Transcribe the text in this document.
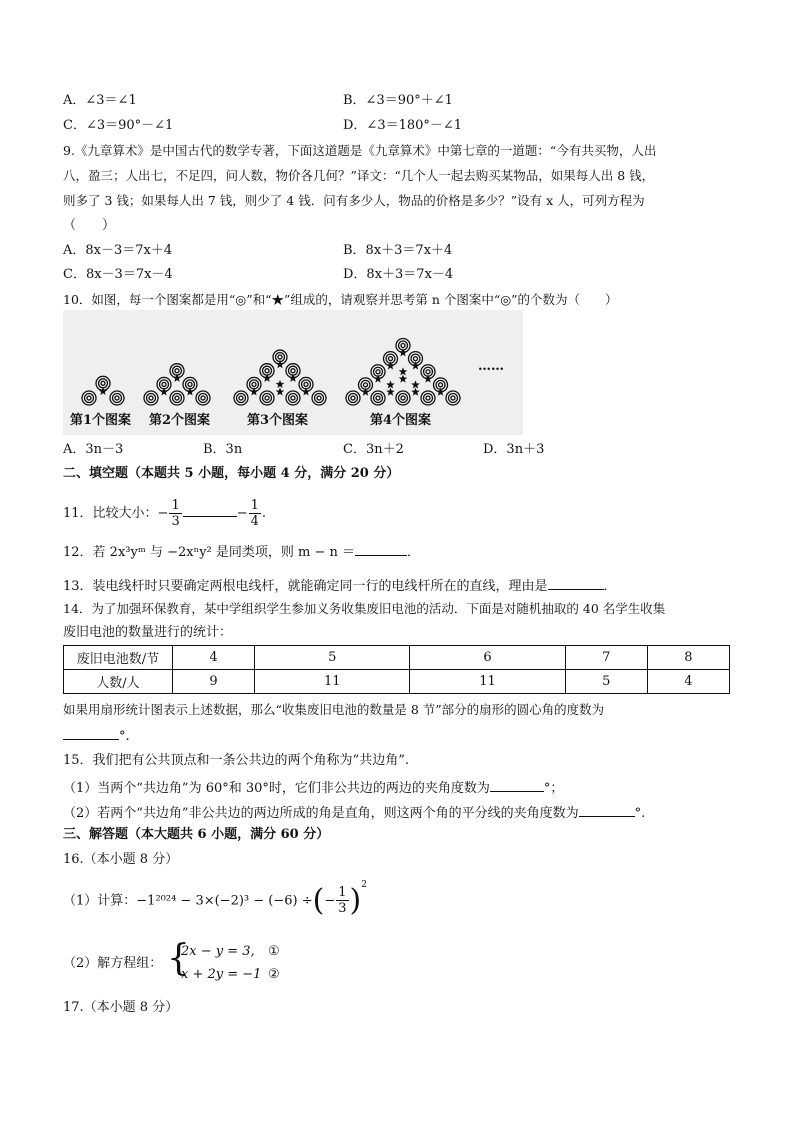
A．∠3＝∠1	B．∠3＝90°＋∠1
C．∠3＝90°－∠1	D．∠3＝180°－∠1
9.《九章算术》是中国古代的数学专著，下面这道题是《九章算术》中第七章的一道题：“今有共买物，人出
八，盈三；人出七，不足四，问人数，物价各几何？”译文：“几个人一起去购买某物品，如果每人出 8 钱，
则多了 3 钱；如果每人出 7 钱，则少了 4 钱．问有多少人，物品的价格是多少？”设有 x 人，可列方程为
（　　）
A．8x－3＝7x＋4	B．8x＋3＝7x＋4
C．8x－3＝7x－4	D．8x＋3＝7x－4
10．如图，每一个图案都是用“◎”和“★”组成的，请观察并思考第 n 个图案中“◎”的个数为（　　）
第1个图案 第2个图案	第3个图案	第4个图案
……
A．3n－3	B．3n	C．3n＋2	D．3n＋3
二、填空题（本题共 5 小题，每小题 4 分，满分 20 分）
11．比较大小：− $\frac{1}{3}$	− $\frac{1}{4}$ .
12．若 2x³yᵐ 与 −2xⁿy² 是同类项，则 m − n ＝	．
13．装电线杆时只要确定两根电线杆，就能确定同一行的电线杆所在的直线，理由是	．
14．为了加强环保教育，某中学组织学生参加义务收集废旧电池的活动．下面是对随机抽取的 40 名学生收集
废旧电池的数量进行的统计：
废旧电池数/节	4	5	6	7	8
人数/人	9	11	11	5	4
如果用扇形统计图表示上述数据，那么“收集废旧电池的数量是 8 节”部分的扇形的圆心角的度数为
°.
15．我们把有公共顶点和一条公共边的两个角称为“共边角”.
（1）当两个“共边角”为 60°和 30°时，它们非公共边的两边的夹角度数为	°；
（2）若两个“共边角”非公共边的两边所成的角是直角，则这两个角的平分线的夹角度数为	°.
三、解答题（本大题共 6 小题，满分 60 分）
16.（本小题 8 分）
（1）计算：−1²⁰²⁴ − 3×(−2)³ − (−6) ÷(− $\frac{1}{3} )^2$
（2）解方程组： {
2x − y = 3,
x + 2y = −1
①
②
17.（本小题 8 分）
